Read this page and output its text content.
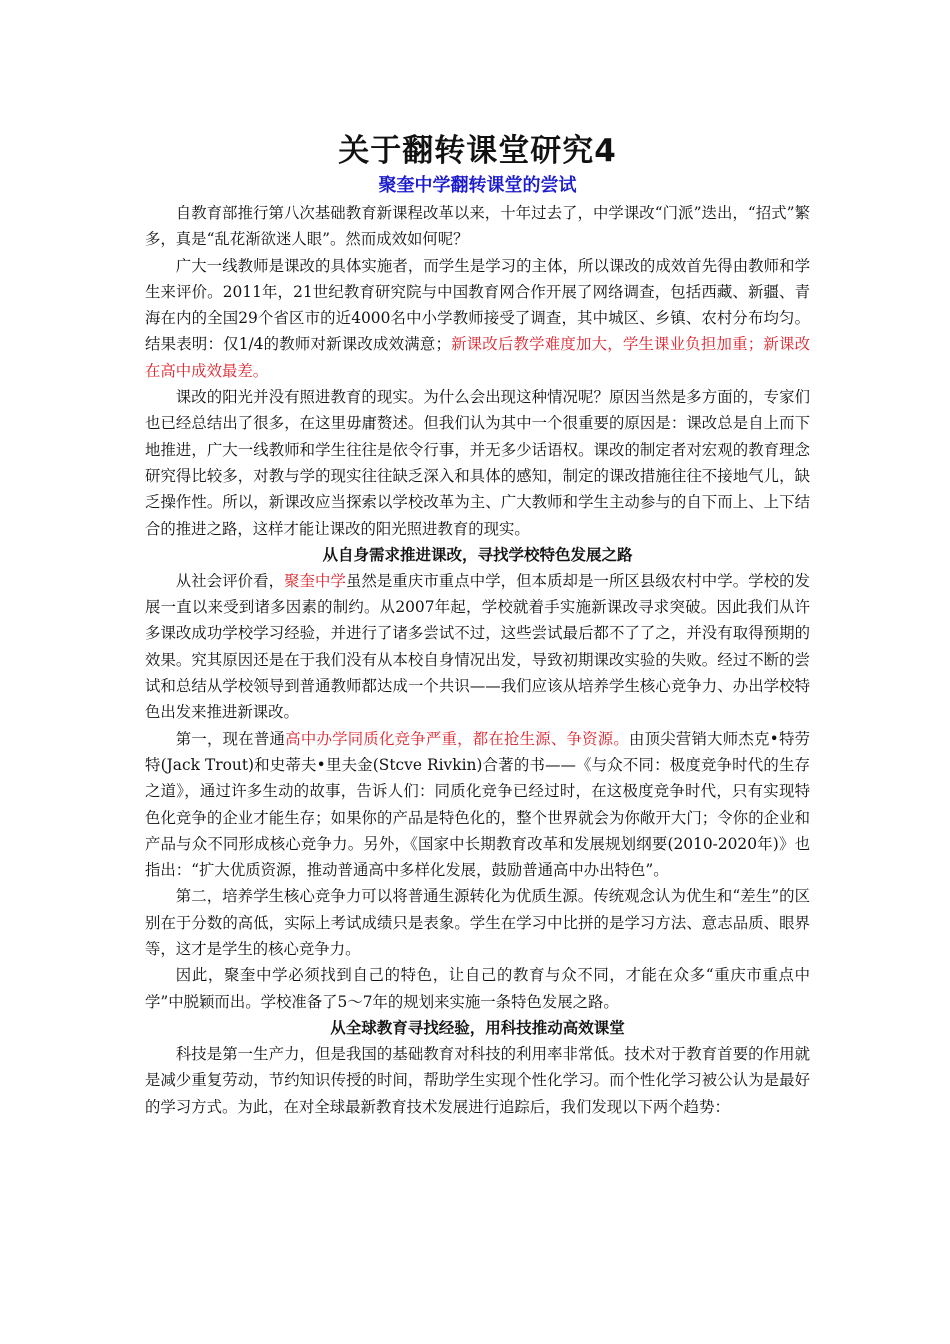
关于翻转课堂研究4
聚奎中学翻转课堂的尝试

自教育部推行第八次基础教育新课程改革以来，十年过去了，中学课改“门派”迭出，“招式”繁多，真是“乱花渐欲迷人眼”。然而成效如何呢？

广大一线教师是课改的具体实施者，而学生是学习的主体，所以课改的成效首先得由教师和学生来评价。2011年，21世纪教育研究院与中国教育网合作开展了网络调查，包括西藏、新疆、青海在内的全国29个省区市的近4000名中小学教师接受了调查，其中城区、乡镇、农村分布均匀。结果表明：仅1/4的教师对新课改成效满意；新课改后教学难度加大，学生课业负担加重；新课改在高中成效最差。

课改的阳光并没有照进教育的现实。为什么会出现这种情况呢？原因当然是多方面的，专家们也已经总结出了很多，在这里毋庸赘述。但我们认为其中一个很重要的原因是：课改总是自上而下地推进，广大一线教师和学生往往是依令行事，并无多少话语权。课改的制定者对宏观的教育理念研究得比较多，对教与学的现实往往缺乏深入和具体的感知，制定的课改措施往往不接地气儿，缺乏操作性。所以，新课改应当探索以学校改革为主、广大教师和学生主动参与的自下而上、上下结合的推进之路，这样才能让课改的阳光照进教育的现实。

从自身需求推进课改，寻找学校特色发展之路

从社会评价看，聚奎中学虽然是重庆市重点中学，但本质却是一所区县级农村中学。学校的发展一直以来受到诸多因素的制约。从2007年起，学校就着手实施新课改寻求突破。因此我们从许多课改成功学校学习经验，并进行了诸多尝试不过，这些尝试最后都不了了之，并没有取得预期的效果。究其原因还是在于我们没有从本校自身情况出发，导致初期课改实验的失败。经过不断的尝试和总结从学校领导到普通教师都达成一个共识——我们应该从培养学生核心竞争力、办出学校特色出发来推进新课改。

第一，现在普通高中办学同质化竞争严重，都在抢生源、争资源。由顶尖营销大师杰克•特劳特(Jack Trout)和史蒂夫•里夫金(Stcve Rivkin)合著的书——《与众不同：极度竞争时代的生存之道》，通过许多生动的故事，告诉人们：同质化竞争已经过时，在这极度竞争时代，只有实现特色化竞争的企业才能生存；如果你的产品是特色化的，整个世界就会为你敞开大门；令你的企业和产品与众不同形成核心竞争力。另外，《国家中长期教育改革和发展规划纲要(2010-2020年)》也指出：“扩大优质资源，推动普通高中多样化发展，鼓励普通高中办出特色”。

第二，培养学生核心竞争力可以将普通生源转化为优质生源。传统观念认为优生和“差生”的区别在于分数的高低，实际上考试成绩只是表象。学生在学习中比拼的是学习方法、意志品质、眼界等，这才是学生的核心竞争力。

因此，聚奎中学必须找到自己的特色，让自己的教育与众不同，才能在众多“重庆市重点中学”中脱颖而出。学校准备了5～7年的规划来实施一条特色发展之路。

从全球教育寻找经验，用科技推动高效课堂

科技是第一生产力，但是我国的基础教育对科技的利用率非常低。技术对于教育首要的作用就是减少重复劳动，节约知识传授的时间，帮助学生实现个性化学习。而个性化学习被公认为是最好的学习方式。为此，在对全球最新教育技术发展进行追踪后，我们发现以下两个趋势：
